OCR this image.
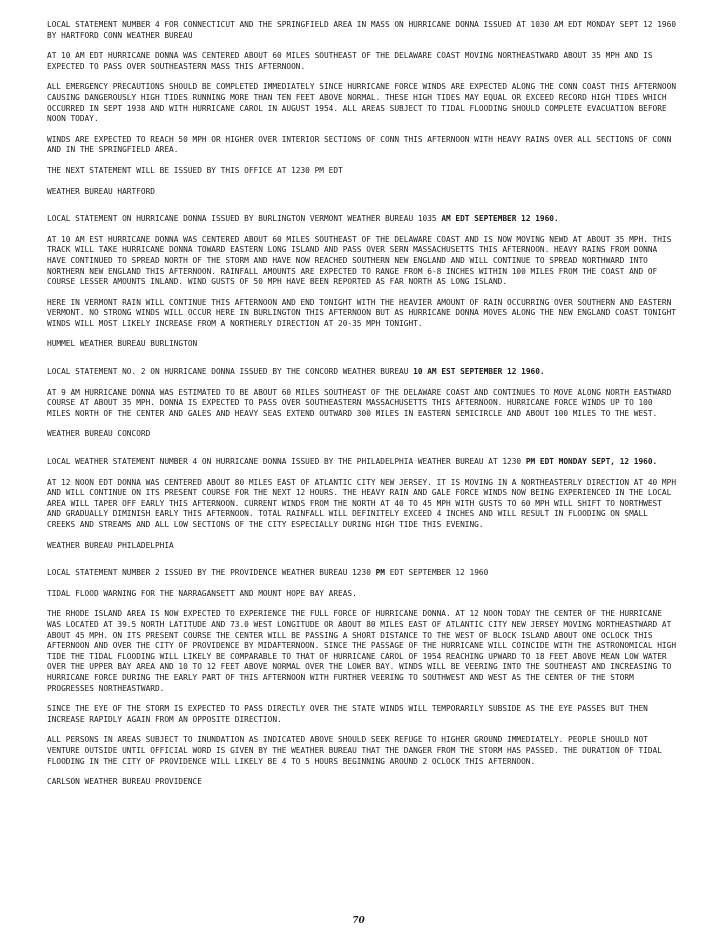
LOCAL STATEMENT NUMBER 4 FOR CONNECTICUT AND THE SPRINGFIELD AREA IN MASS ON HURRICANE DONNA ISSUED AT 1030 AM EDT MONDAY SEPT 12 1960 BY HARTFORD CONN WEATHER BUREAU

AT 10 AM EDT HURRICANE DONNA WAS CENTERED ABOUT 60 MILES SOUTHEAST OF THE DELAWARE COAST MOVING NORTHEASTWARD ABOUT 35 MPH AND IS EXPECTED TO PASS OVER SOUTHEASTERN MASS THIS AFTERNOON.

ALL EMERGENCY PRECAUTIONS SHOULD BE COMPLETED IMMEDIATELY SINCE HURRICANE FORCE WINDS ARE EXPECTED ALONG THE CONN COAST THIS AFTERNOON CAUSING DANGEROUSLY HIGH TIDES RUNNING MORE THAN TEN FEET ABOVE NORMAL. THESE HIGH TIDES MAY EQUAL OR EXCEED RECORD HIGH TIDES WHICH OCCURRED IN SEPT 1938 AND WITH HURRICANE CAROL IN AUGUST 1954. ALL AREAS SUBJECT TO TIDAL FLOODING SHOULD COMPLETE EVACUATION BEFORE NOON TODAY.

WINDS ARE EXPECTED TO REACH 50 MPH OR HIGHER OVER INTERIOR SECTIONS OF CONN THIS AFTERNOON WITH HEAVY RAINS OVER ALL SECTIONS OF CONN AND IN THE SPRINGFIELD AREA.

THE NEXT STATEMENT WILL BE ISSUED BY THIS OFFICE AT 1230 PM EDT

WEATHER BUREAU HARTFORD

LOCAL STATEMENT ON HURRICANE DONNA ISSUED BY BURLINGTON VERMONT WEATHER BUREAU 1035 AM EDT SEPTEMBER 12 1960.

AT 10 AM EST HURRICANE DONNA WAS CENTERED ABOUT 60 MILES SOUTHEAST OF THE DELAWARE COAST AND IS NOW MOVING NEWD AT ABOUT 35 MPH. THIS TRACK WILL TAKE HURRICANE DONNA TOWARD EASTERN LONG ISLAND AND PASS OVER SERN MASSACHUSETTS THIS AFTERNOON. HEAVY RAINS FROM DONNA HAVE CONTINUED TO SPREAD NORTH OF THE STORM AND HAVE NOW REACHED SOUTHERN NEW ENGLAND AND WILL CONTINUE TO SPREAD NORTHWARD INTO NORTHERN NEW ENGLAND THIS AFTERNOON. RAINFALL AMOUNTS ARE EXPECTED TO RANGE FROM 6-8 INCHES WITHIN 100 MILES FROM THE COAST AND OF COURSE LESSER AMOUNTS INLAND. WIND GUSTS OF 50 MPH HAVE BEEN REPORTED AS FAR NORTH AS LONG ISLAND.

HERE IN VERMONT RAIN WILL CONTINUE THIS AFTERNOON AND END TONIGHT WITH THE HEAVIER AMOUNT OF RAIN OCCURRING OVER SOUTHERN AND EASTERN VERMONT. NO STRONG WINDS WILL OCCUR HERE IN BURLINGTON THIS AFTERNOON BUT AS HURRICANE DONNA MOVES ALONG THE NEW ENGLAND COAST TONIGHT WINDS WILL MOST LIKELY INCREASE FROM A NORTHERLY DIRECTION AT 20-35 MPH TONIGHT.

HUMMEL WEATHER BUREAU BURLINGTON

LOCAL STATEMENT NO. 2 ON HURRICANE DONNA ISSUED BY THE CONCORD WEATHER BUREAU 10 AM EST SEPTEMBER 12 1960.

AT 9 AM HURRICANE DONNA WAS ESTIMATED TO BE ABOUT 60 MILES SOUTHEAST OF THE DELAWARE COAST AND CONTINUES TO MOVE ALONG NORTH EASTWARD COURSE AT ABOUT 35 MPH. DONNA IS EXPECTED TO PASS OVER SOUTHEASTERN MASSACHUSETTS THIS AFTERNOON. HURRICANE FORCE WINDS UP TO 100 MILES NORTH OF THE CENTER AND GALES AND HEAVY SEAS EXTEND OUTWARD 300 MILES IN EASTERN SEMICIRCLE AND ABOUT 100 MILES TO THE WEST.

WEATHER BUREAU CONCORD

LOCAL WEATHER STATEMENT NUMBER 4 ON HURRICANE DONNA ISSUED BY THE PHILADELPHIA WEATHER BUREAU AT 1230 PM EDT MONDAY SEPT, 12 1960.

AT 12 NOON EDT DONNA WAS CENTERED ABOUT 80 MILES EAST OF ATLANTIC CITY NEW JERSEY. IT IS MOVING IN A NORTHEASTERLY DIRECTION AT 40 MPH AND WILL CONTINUE ON ITS PRESENT COURSE FOR THE NEXT 12 HOURS. THE HEAVY RAIN AND GALE FORCE WINDS NOW BEING EXPERIENCED IN THE LOCAL AREA WILL TAPER OFF EARLY THIS AFTERNOON. CURRENT WINDS FROM THE NORTH AT 40 TO 45 MPH WITH GUSTS TO 60 MPH WILL SHIFT TO NORTHWEST AND GRADUALLY DIMINISH EARLY THIS AFTERNOON. TOTAL RAINFALL WILL DEFINITELY EXCEED 4 INCHES AND WILL RESULT IN FLOODING ON SMALL CREEKS AND STREAMS AND ALL LOW SECTIONS OF THE CITY ESPECIALLY DURING HIGH TIDE THIS EVENING.

WEATHER BUREAU PHILADELPHIA

LOCAL STATEMENT NUMBER 2 ISSUED BY THE PROVIDENCE WEATHER BUREAU 1230 PM EDT SEPTEMBER 12 1960

TIDAL FLOOD WARNING FOR THE NARRAGANSETT AND MOUNT HOPE BAY AREAS.

THE RHODE ISLAND AREA IS NOW EXPECTED TO EXPERIENCE THE FULL FORCE OF HURRICANE DONNA. AT 12 NOON TODAY THE CENTER OF THE HURRICANE WAS LOCATED AT 39.5 NORTH LATITUDE AND 73.0 WEST LONGITUDE OR ABOUT 80 MILES EAST OF ATLANTIC CITY NEW JERSEY MOVING NORTHEASTWARD AT ABOUT 45 MPH. ON ITS PRESENT COURSE THE CENTER WILL BE PASSING A SHORT DISTANCE TO THE WEST OF BLOCK ISLAND ABOUT ONE OCLOCK THIS AFTERNOON AND OVER THE CITY OF PROVIDENCE BY MIDAFTERNOON. SINCE THE PASSAGE OF THE HURRICANE WILL COINCIDE WITH THE ASTRONOMICAL HIGH TIDE THE TIDAL FLOODING WILL LIKELY BE COMPARABLE TO THAT OF HURRICANE CAROL OF 1954 REACHING UPWARD TO 18 FEET ABOVE MEAN LOW WATER OVER THE UPPER BAY AREA AND 10 TO 12 FEET ABOVE NORMAL OVER THE LOWER BAY. WINDS WILL BE VEERING INTO THE SOUTHEAST AND INCREASING TO HURRICANE FORCE DURING THE EARLY PART OF THIS AFTERNOON WITH FURTHER VEERING TO SOUTHWEST AND WEST AS THE CENTER OF THE STORM PROGRESSES NORTHEASTWARD.

SINCE THE EYE OF THE STORM IS EXPECTED TO PASS DIRECTLY OVER THE STATE WINDS WILL TEMPORARILY SUBSIDE AS THE EYE PASSES BUT THEN INCREASE RAPIDLY AGAIN FROM AN OPPOSITE DIRECTION.

ALL PERSONS IN AREAS SUBJECT TO INUNDATION AS INDICATED ABOVE SHOULD SEEK REFUGE TO HIGHER GROUND IMMEDIATELY. PEOPLE SHOULD NOT VENTURE OUTSIDE UNTIL OFFICIAL WORD IS GIVEN BY THE WEATHER BUREAU THAT THE DANGER FROM THE STORM HAS PASSED. THE DURATION OF TIDAL FLOODING IN THE CITY OF PROVIDENCE WILL LIKELY BE 4 TO 5 HOURS BEGINNING AROUND 2 OCLOCK THIS AFTERNOON.

CARLSON WEATHER BUREAU PROVIDENCE

70
